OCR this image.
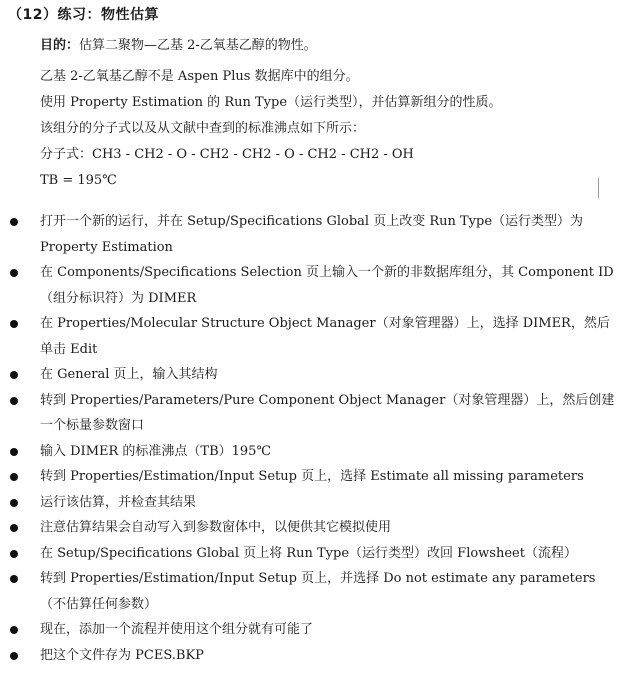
（12）练习：物性估算
目的：估算二聚物—乙基 2-乙氧基乙醇的物性。
乙基 2-乙氧基乙醇不是 Aspen Plus 数据库中的组分。
使用 Property Estimation 的 Run Type（运行类型），并估算新组分的性质。
该组分的分子式以及从文献中查到的标准沸点如下所示：
分子式：CH3 - CH2 - O - CH2 - CH2 - O - CH2 - CH2 - OH
TB = 195℃
打开一个新的运行，并在 Setup/Specifications Global 页上改变 Run Type（运行类型）为 Property Estimation
在 Components/Specifications Selection 页上输入一个新的非数据库组分，其 Component ID（组分标识符）为 DIMER
在 Properties/Molecular Structure Object Manager（对象管理器）上，选择 DIMER，然后单击 Edit
在 General 页上，输入其结构
转到 Properties/Parameters/Pure Component Object Manager（对象管理器）上，然后创建一个标量参数窗口
输入 DIMER 的标准沸点（TB）195℃
转到 Properties/Estimation/Input Setup 页上，选择 Estimate all missing parameters
运行该估算，并检查其结果
注意估算结果会自动写入到参数窗体中，以便供其它模拟使用
在 Setup/Specifications Global 页上将 Run Type（运行类型）改回 Flowsheet（流程）
转到 Properties/Estimation/Input Setup 页上，并选择 Do not estimate any parameters （不估算任何参数）
现在，添加一个流程并使用这个组分就有可能了
把这个文件存为 PCES.BKP
